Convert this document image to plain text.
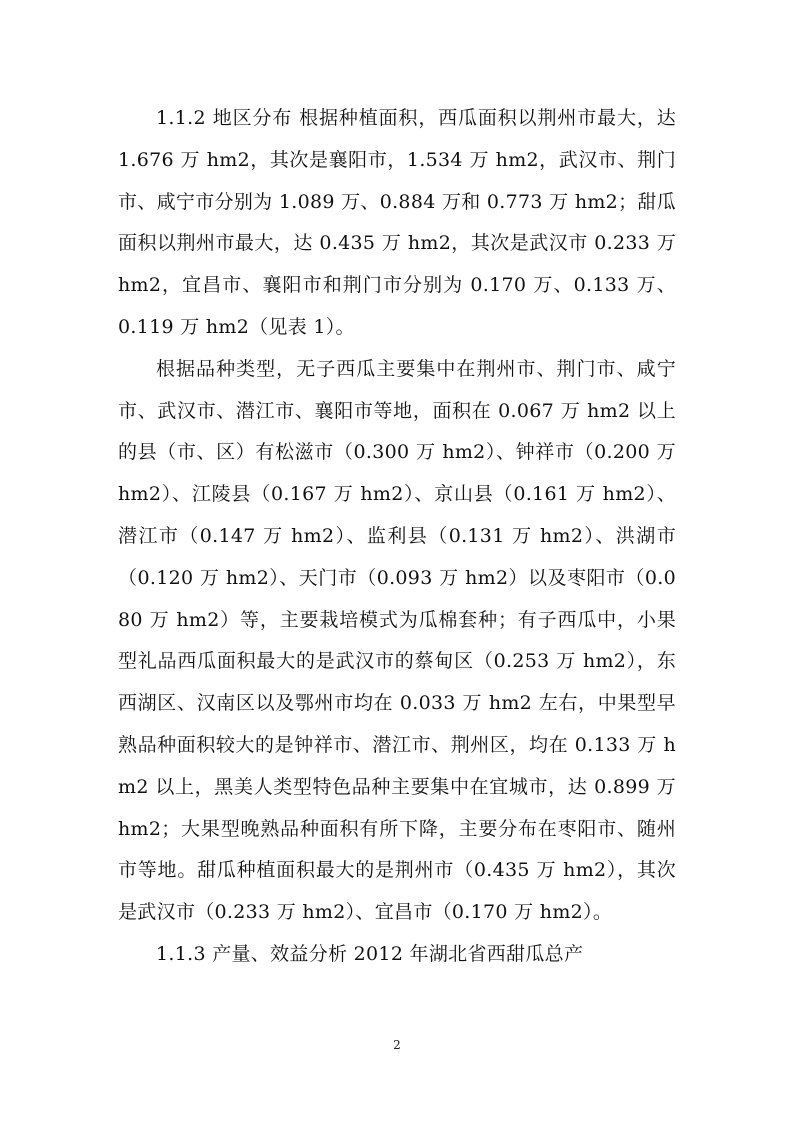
1.1.2 地区分布 根据种植面积，西瓜面积以荆州市最大，达 1.676 万 hm2，其次是襄阳市，1.534 万 hm2，武汉市、荆门市、咸宁市分别为 1.089 万、0.884 万和 0.773 万 hm2；甜瓜面积以荆州市最大，达 0.435 万 hm2，其次是武汉市 0.233 万 hm2，宜昌市、襄阳市和荆门市分别为 0.170 万、0.133 万、0.119 万 hm2（见表 1）。

根据品种类型，无子西瓜主要集中在荆州市、荆门市、咸宁市、武汉市、潜江市、襄阳市等地，面积在 0.067 万 hm2 以上的县（市、区）有松滋市（0.300 万 hm2）、钟祥市（0.200 万 hm2）、江陵县（0.167 万 hm2）、京山县（0.161 万 hm2）、潜江市（0.147 万 hm2）、监利县（0.131 万 hm2）、洪湖市（0.120 万 hm2）、天门市（0.093 万 hm2）以及枣阳市（0.080 万 hm2）等，主要栽培模式为瓜棉套种；有子西瓜中，小果型礼品西瓜面积最大的是武汉市的蔡甸区（0.253 万 hm2），东西湖区、汉南区以及鄂州市均在 0.033 万 hm2 左右，中果型早熟品种面积较大的是钟祥市、潜江市、荆州区，均在 0.133 万 hm2 以上，黑美人类型特色品种主要集中在宜城市，达 0.899 万 hm2；大果型晚熟品种面积有所下降，主要分布在枣阳市、随州市等地。甜瓜种植面积最大的是荆州市（0.435 万 hm2），其次是武汉市（0.233 万 hm2）、宜昌市（0.170 万 hm2）。

1.1.3 产量、效益分析 2012 年湖北省西甜瓜总产

2
